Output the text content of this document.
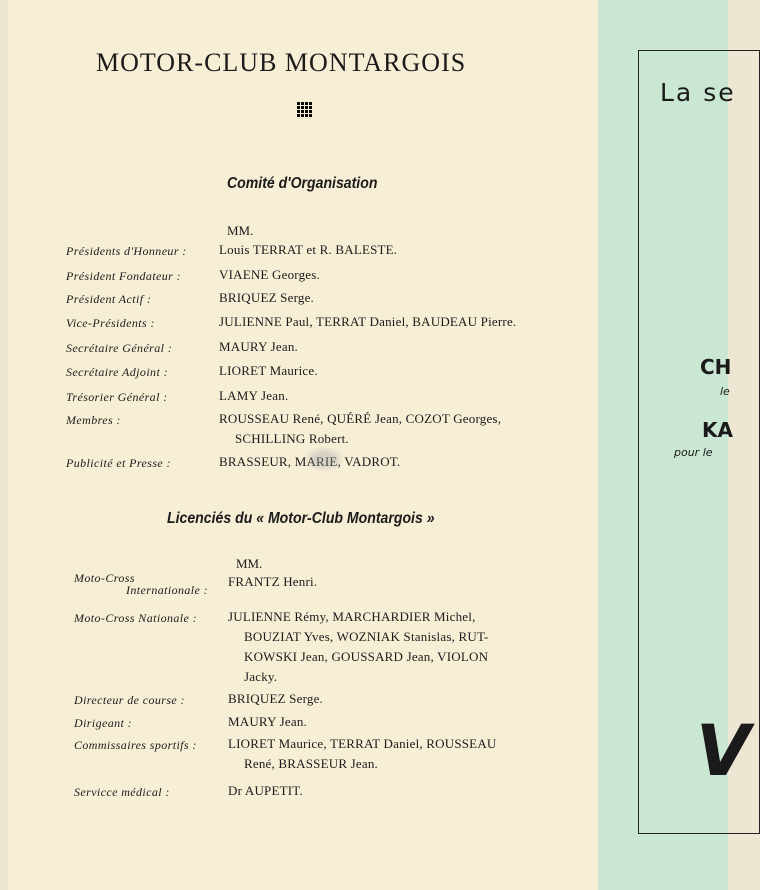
MOTOR-CLUB MONTARGOIS
Comité d'Organisation
MM.
Présidents d'Honneur : Louis TERRAT et R. BALESTE.
Président Fondateur :	VIAENE Georges.
Président Actif :	BRIQUEZ Serge.
Vice-Présidents :	JULIENNE Paul, TERRAT Daniel, BAUDEAU Pierre.
Secrétaire Général :	MAURY Jean.
Secrétaire Adjoint :	LIORET Maurice.
Trésorier Général :	LAMY Jean.
Membres :	ROUSSEAU René, QUÉRÉ Jean, COZOT Georges,
SCHILLING Robert.
Publicité et Presse :	BRASSEUR, MARIE, VADROT.
Licenciés du « Motor-Club Montargois »
MM.
Moto-Cross
Internationale :
FRANTZ Henri.
Moto-Cross Nationale : JULIENNE Rémy, MARCHARDIER Michel,
BOUZIAT Yves, WOZNIAK Stanislas, RUT-
KOWSKI Jean, GOUSSARD Jean, VIOLON
Jacky.
Directeur de course :	BRIQUEZ Serge.
Dirigeant :	MAURY Jean.
Commissaires sportifs : LIORET Maurice, TERRAT Daniel, ROUSSEAU
René, BRASSEUR Jean.
Servicce médical :	Dr AUPETIT.
La se
CH
le
KA
pour le
V
